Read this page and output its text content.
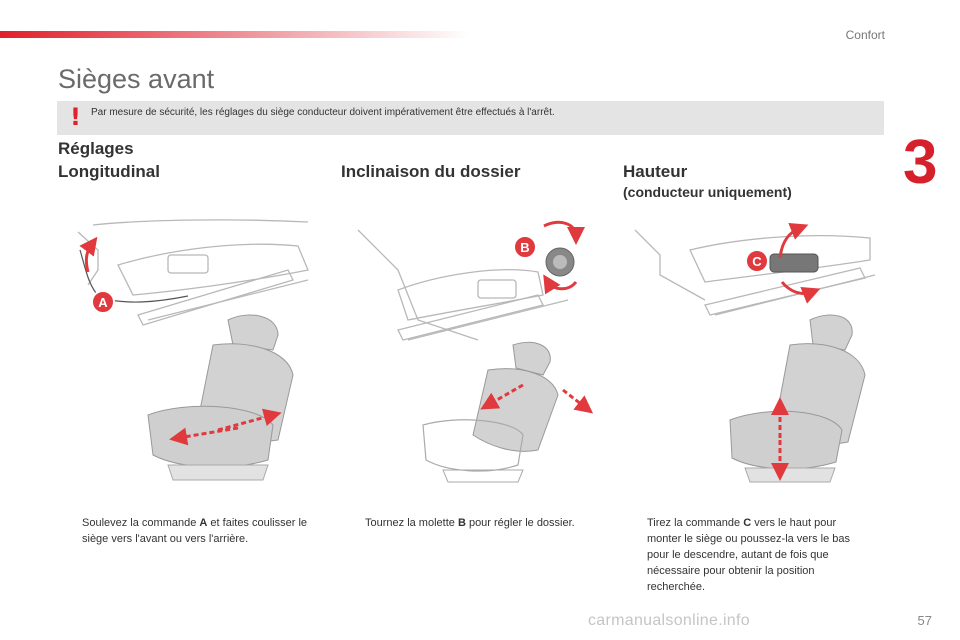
Confort
3
Sièges avant
! Par mesure de sécurité, les réglages du siège conducteur doivent impérativement être effectués à l'arrêt.
Réglages
Longitudinal	Inclinaison du dossier	Hauteur
(conducteur uniquement)
A
B
C
Soulevez la commande A et faites coulisser le siège vers l'avant ou vers l'arrière.
Tournez la molette B pour régler le dossier.	Tirez la commande C vers le haut pour monter le siège ou poussez-la vers le bas pour le descendre, autant de fois que nécessaire pour obtenir la position recherchée.
carmanualsonline.info	57
